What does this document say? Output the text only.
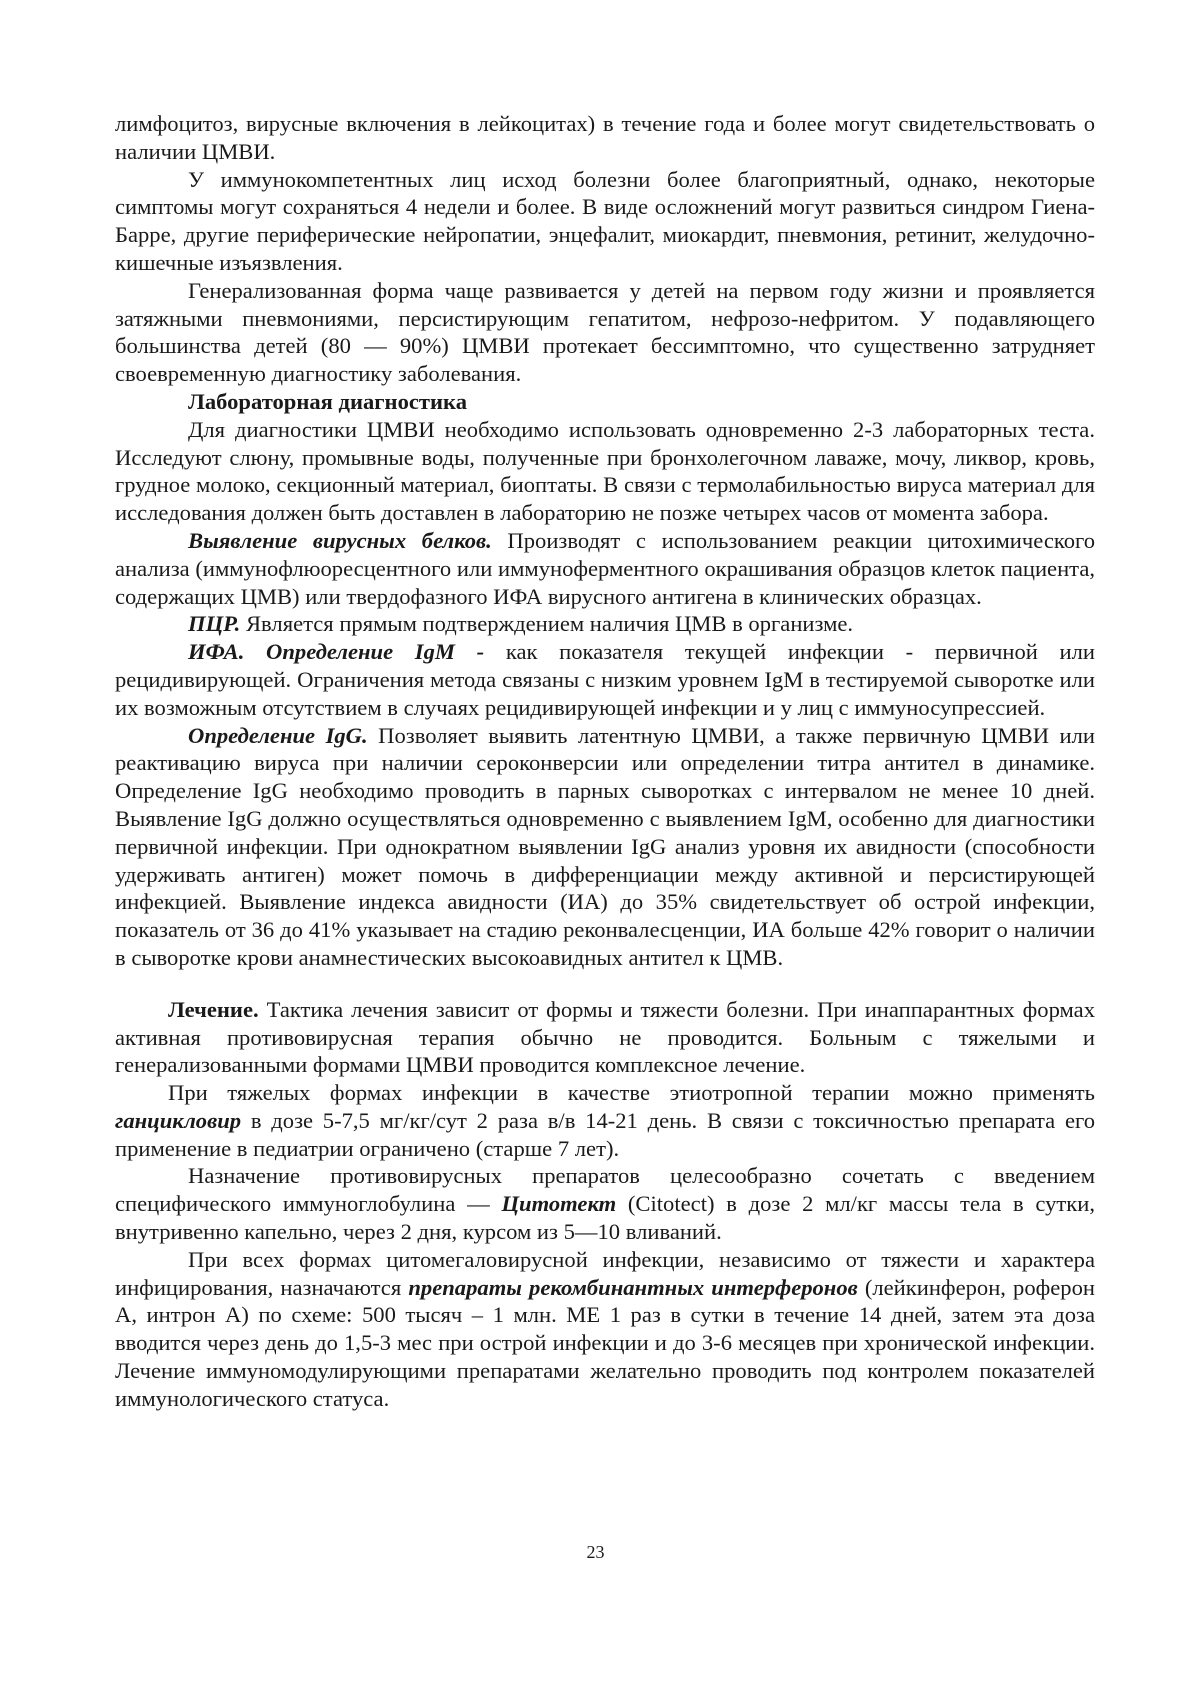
лимфоцитоз, вирусные включения в лейкоцитах) в течение года и более могут свидетельствовать о наличии ЦМВИ.

У иммунокомпетентных лиц исход болезни более благоприятный, однако, некоторые симптомы могут сохраняться 4 недели и более. В виде осложнений могут развиться синдром Гиена-Барре, другие периферические нейропатии, энцефалит, миокардит, пневмония, ретинит, желудочно-кишечные изъязвления.

Генерализованная форма чаще развивается у детей на первом году жизни и проявляется затяжными пневмониями, персистирующим гепатитом, нефрозо-нефритом. У подавляющего большинства детей (80 — 90%) ЦМВИ протекает бессимптомно, что существенно затрудняет своевременную диагностику заболевания.

Лабораторная диагностика

Для диагностики ЦМВИ необходимо использовать одновременно 2-3 лабораторных теста. Исследуют слюну, промывные воды, полученные при бронхолегочном лаваже, мочу, ликвор, кровь, грудное молоко, секционный материал, биоптаты. В связи с термолабильностью вируса материал для исследования должен быть доставлен в лабораторию не позже четырех часов от момента забора.

Выявление вирусных белков. Производят с использованием реакции цитохимического анализа (иммунофлюоресцентного или иммуноферментного окрашивания образцов клеток пациента, содержащих ЦМВ) или твердофазного ИФА вирусного антигена в клинических образцах.

ПЦР. Является прямым подтверждением наличия ЦМВ в организме.

ИФА. Определение IgM - как показателя текущей инфекции - первичной или рецидивирующей. Ограничения метода связаны с низким уровнем IgM в тестируемой сыворотке или их возможным отсутствием в случаях рецидивирующей инфекции и у лиц с иммуносупрессией.

Определение IgG. Позволяет выявить латентную ЦМВИ, а также первичную ЦМВИ или реактивацию вируса при наличии сероконверсии или определении титра антител в динамике. Определение IgG необходимо проводить в парных сыворотках с интервалом не менее 10 дней. Выявление IgG должно осуществляться одновременно с выявлением IgM, особенно для диагностики первичной инфекции. При однократном выявлении IgG анализ уровня их авидности (способности удерживать антиген) может помочь в дифференциации между активной и персистирующей инфекцией. Выявление индекса авидности (ИА) до 35% свидетельствует об острой инфекции, показатель от 36 до 41% указывает на стадию реконвалесценции, ИА больше 42% говорит о наличии в сыворотке крови анамнестических высокоавидных антител к ЦМВ.

Лечение. Тактика лечения зависит от формы и тяжести болезни. При инаппарантных формах активная противовирусная терапия обычно не проводится. Больным с тяжелыми и генерализованными формами ЦМВИ проводится комплексное лечение.

При тяжелых формах инфекции в качестве этиотропной терапии можно применять ганцикловир в дозе 5-7,5 мг/кг/сут 2 раза в/в 14-21 день. В связи с токсичностью препарата его применение в педиатрии ограничено (старше 7 лет).

Назначение противовирусных препаратов целесообразно сочетать с введением специфического иммуноглобулина — Цитотект (Citotect) в дозе 2 мл/кг массы тела в сутки, внутривенно капельно, через 2 дня, курсом из 5—10 вливаний.

При всех формах цитомегаловирусной инфекции, независимо от тяжести и характера инфицирования, назначаются препараты рекомбинантных интерферонов (лейкинферон, роферон А, интрон А) по схеме: 500 тысяч – 1 млн. МЕ 1 раз в сутки в течение 14 дней, затем эта доза вводится через день до 1,5-3 мес при острой инфекции и до 3-6 месяцев при хронической инфекции. Лечение иммуномодулирующими препаратами желательно проводить под контролем показателей иммунологического статуса.

23
